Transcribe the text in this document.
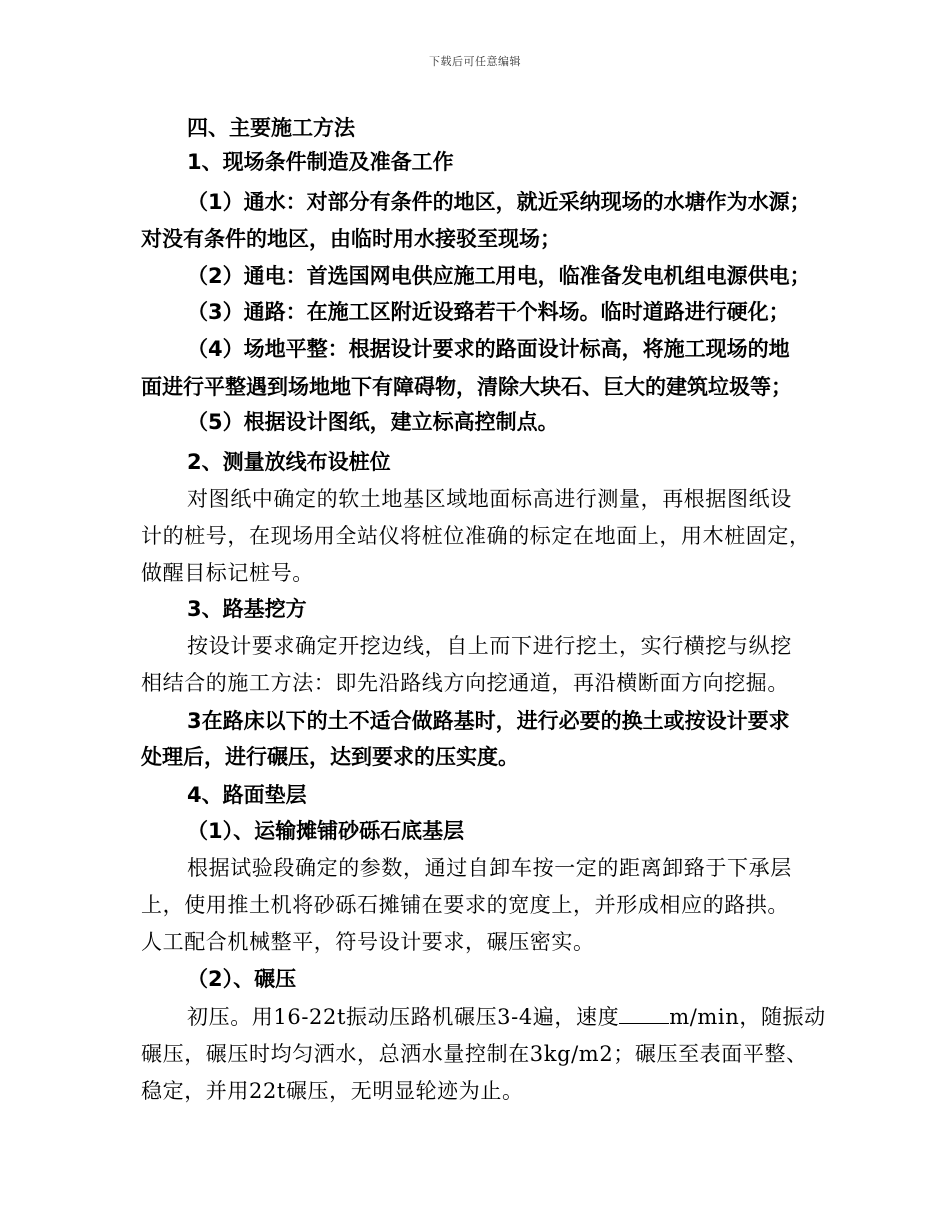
下载后可任意编辑
四、主要施工方法
1、现场条件制造及准备工作
（1）通水：对部分有条件的地区，就近采纳现场的水塘作为水源；
对没有条件的地区，由临时用水接驳至现场；
（2）通电：首选国网电供应施工用电，临准备发电机组电源供电；
（3）通路：在施工区附近设臵若干个料场。临时道路进行硬化；
（4）场地平整：根据设计要求的路面设计标高，将施工现场的地
面进行平整遇到场地地下有障碍物，清除大块石、巨大的建筑垃圾等；
（5）根据设计图纸，建立标高控制点。
2、测量放线布设桩位
对图纸中确定的软土地基区域地面标高进行测量，再根据图纸设
计的桩号，在现场用全站仪将桩位准确的标定在地面上，用木桩固定，
做醒目标记桩号。
3、路基挖方
按设计要求确定开挖边线，自上而下进行挖土，实行横挖与纵挖
相结合的施工方法：即先沿路线方向挖通道，再沿横断面方向挖掘。
3在路床以下的土不适合做路基时，进行必要的换土或按设计要求
处理后，进行碾压，达到要求的压实度。
4、路面垫层
（1）、运输摊铺砂砾石底基层
根据试验段确定的参数，通过自卸车按一定的距离卸臵于下承层
上，使用推土机将砂砾石摊铺在要求的宽度上，并形成相应的路拱。
人工配合机械整平，符号设计要求，碾压密实。
（2）、碾压
初压。用16-22t振动压路机碾压3-4遍，速度 m/min，随振动
碾压，碾压时均匀洒水，总洒水量控制在3kg/m2；碾压至表面平整、
稳定，并用22t碾压，无明显轮迹为止。
